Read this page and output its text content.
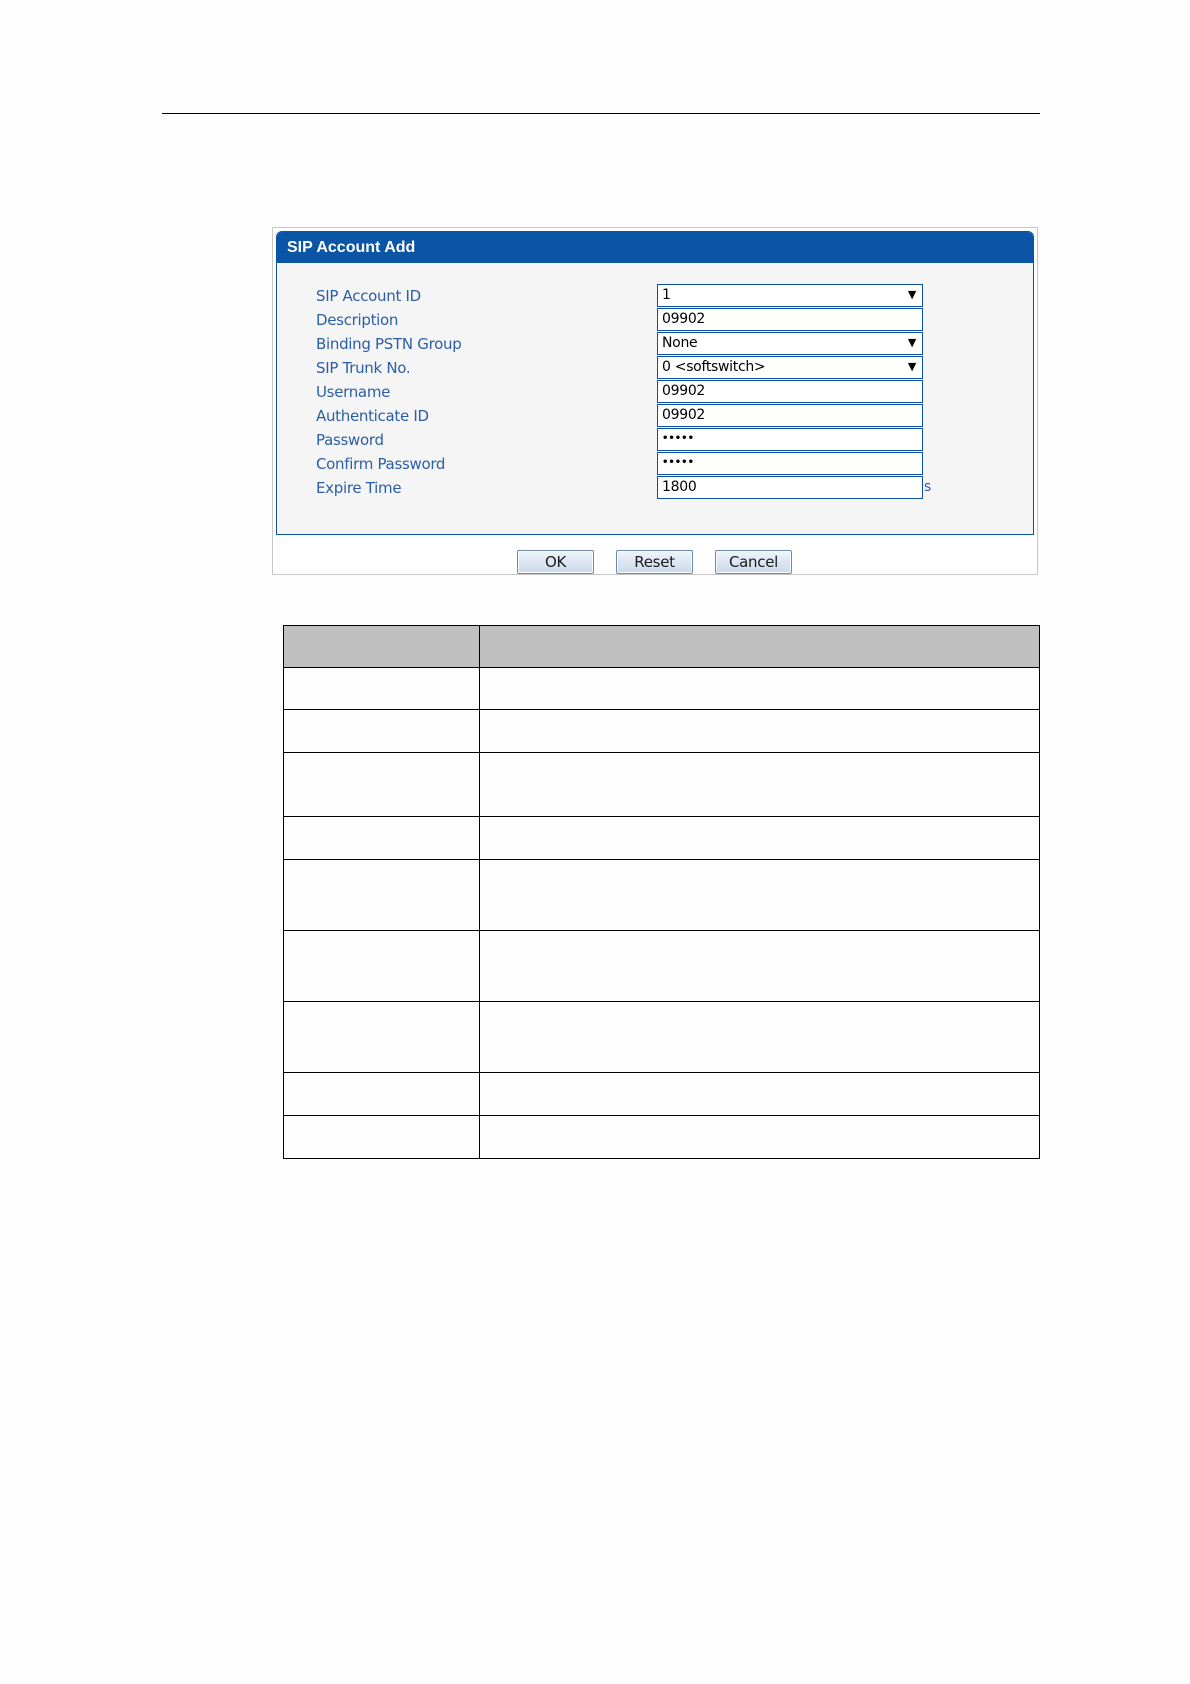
SIP Account Add
SIP Account ID	1	▼
Description	09902
Binding PSTN Group	None	▼
SIP Trunk No.	0 <softswitch>	▼
Username	09902
Authenticate ID	09902
Password	•••••
Confirm Password	•••••
Expire Time	1800	s
OK	Reset	Cancel
